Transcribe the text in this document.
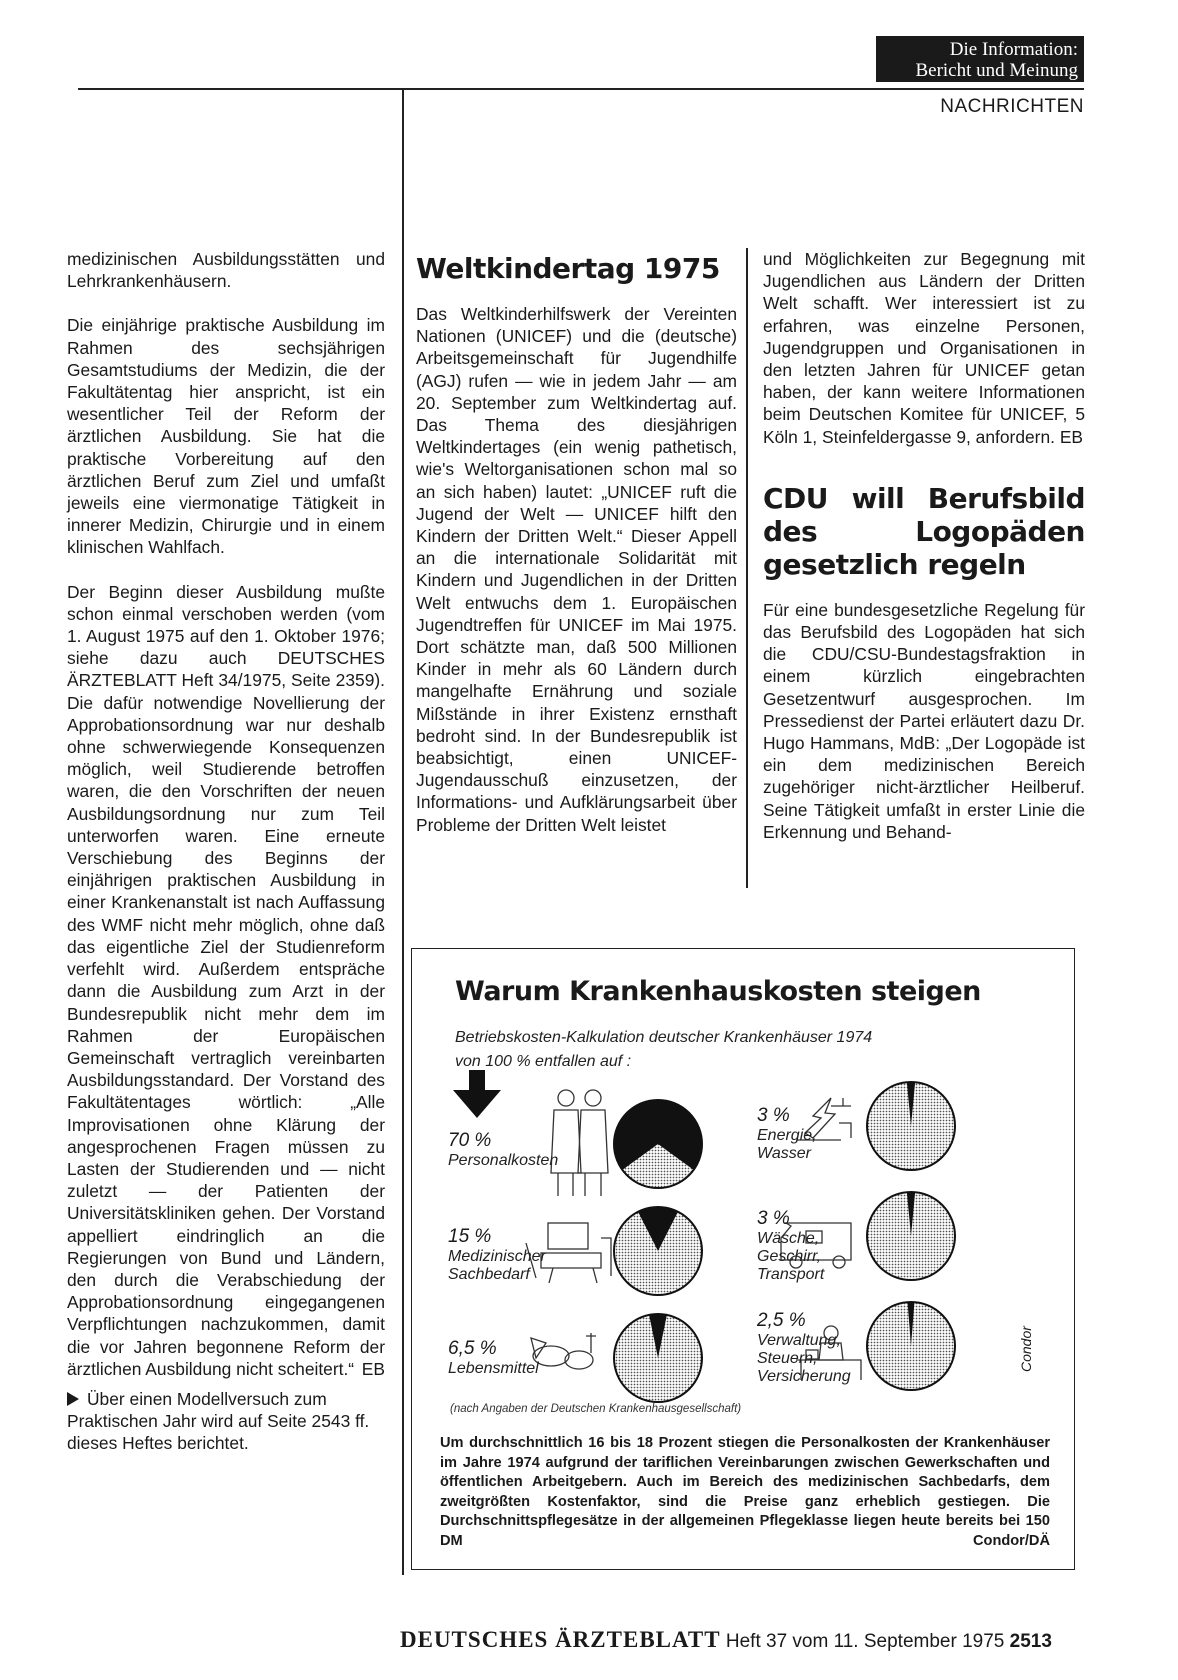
Die Information:
Bericht und Meinung
NACHRICHTEN

medizinischen Ausbildungsstätten und Lehrkrankenhäusern.

Die einjährige praktische Ausbildung im Rahmen des sechsjährigen Gesamtstudiums der Medizin, die der Fakultätentag hier anspricht, ist ein wesentlicher Teil der Reform der ärztlichen Ausbildung. Sie hat die praktische Vorbereitung auf den ärztlichen Beruf zum Ziel und umfaßt jeweils eine viermonatige Tätigkeit in innerer Medizin, Chirurgie und in einem klinischen Wahlfach.

Der Beginn dieser Ausbildung mußte schon einmal verschoben werden (vom 1. August 1975 auf den 1. Oktober 1976; siehe dazu auch DEUTSCHES ÄRZTEBLATT Heft 34/1975, Seite 2359). Die dafür notwendige Novellierung der Approbationsordnung war nur deshalb ohne schwerwiegende Konsequenzen möglich, weil Studierende betroffen waren, die den Vorschriften der neuen Ausbildungsordnung nur zum Teil unterworfen waren. Eine erneute Verschiebung des Beginns der einjährigen praktischen Ausbildung in einer Krankenanstalt ist nach Auffassung des WMF nicht mehr möglich, ohne daß das eigentliche Ziel der Studienreform verfehlt wird. Außerdem entspräche dann die Ausbildung zum Arzt in der Bundesrepublik nicht mehr dem im Rahmen der Europäischen Gemeinschaft vertraglich vereinbarten Ausbildungsstandard. Der Vorstand des Fakultätentages wörtlich: „Alle Improvisationen ohne Klärung der angesprochenen Fragen müssen zu Lasten der Studierenden und — nicht zuletzt — der Patienten der Universitätskliniken gehen. Der Vorstand appelliert eindringlich an die Regierungen von Bund und Ländern, den durch die Verabschiedung der Approbationsordnung eingegangenen Verpflichtungen nachzukommen, damit die vor Jahren begonnene Reform der ärztlichen Ausbildung nicht scheitert.“ EB

Über einen Modellversuch zum Praktischen Jahr wird auf Seite 2543 ff. dieses Heftes berichtet.

Weltkindertag 1975

Das Weltkinderhilfswerk der Vereinten Nationen (UNICEF) und die (deutsche) Arbeitsgemeinschaft für Jugendhilfe (AGJ) rufen — wie in jedem Jahr — am 20. September zum Weltkindertag auf. Das Thema des diesjährigen Weltkindertages (ein wenig pathetisch, wie's Weltorganisationen schon mal so an sich haben) lautet: „UNICEF ruft die Jugend der Welt — UNICEF hilft den Kindern der Dritten Welt.“ Dieser Appell an die internationale Solidarität mit Kindern und Jugendlichen in der Dritten Welt entwuchs dem 1. Europäischen Jugendtreffen für UNICEF im Mai 1975. Dort schätzte man, daß 500 Millionen Kinder in mehr als 60 Ländern durch mangelhafte Ernährung und soziale Mißstände in ihrer Existenz ernsthaft bedroht sind. In der Bundesrepublik ist beabsichtigt, einen UNICEF-Jugendausschuß einzusetzen, der Informations- und Aufklärungsarbeit über Probleme der Dritten Welt leistet

und Möglichkeiten zur Begegnung mit Jugendlichen aus Ländern der Dritten Welt schafft. Wer interessiert ist zu erfahren, was einzelne Personen, Jugendgruppen und Organisationen in den letzten Jahren für UNICEF getan haben, der kann weitere Informationen beim Deutschen Komitee für UNICEF, 5 Köln 1, Steinfeldergasse 9, anfordern. EB

CDU will Berufsbild des Logopäden gesetzlich regeln

Für eine bundesgesetzliche Regelung für das Berufsbild des Logopäden hat sich die CDU/CSU-Bundestagsfraktion in einem kürzlich eingebrachten Gesetzentwurf ausgesprochen. Im Pressedienst der Partei erläutert dazu Dr. Hugo Hammans, MdB: „Der Logopäde ist ein dem medizinischen Bereich zugehöriger nicht-ärztlicher Heilberuf. Seine Tätigkeit umfaßt in erster Linie die Erkennung und Behand-

Warum Krankenhauskosten steigen
Betriebskosten-Kalkulation deutscher Krankenhäuser 1974
von 100 % entfallen auf :
70 %
Personalkosten
15 %
Medizinischer
Sachbedarf
6,5 %
Lebensmittel
3 %
Energie,
Wasser
3 %
Wäsche,
Geschirr,
Transport
2,5 %
Verwaltung,
Steuern,
Versicherung
(nach Angaben der Deutschen Krankenhausgesellschaft)
Condor
Um durchschnittlich 16 bis 18 Prozent stiegen die Personalkosten der Krankenhäuser im Jahre 1974 aufgrund der tariflichen Vereinbarungen zwischen Gewerkschaften und öffentlichen Arbeitgebern. Auch im Bereich des medizinischen Sachbedarfs, dem zweitgrößten Kostenfaktor, sind die Preise ganz erheblich gestiegen. Die Durchschnittspflegesätze in der allgemeinen Pflegeklasse liegen heute bereits bei 150 DM	Condor/DÄ
DEUTSCHES ÄRZTEBLATT Heft 37 vom 11. September 1975 2513
